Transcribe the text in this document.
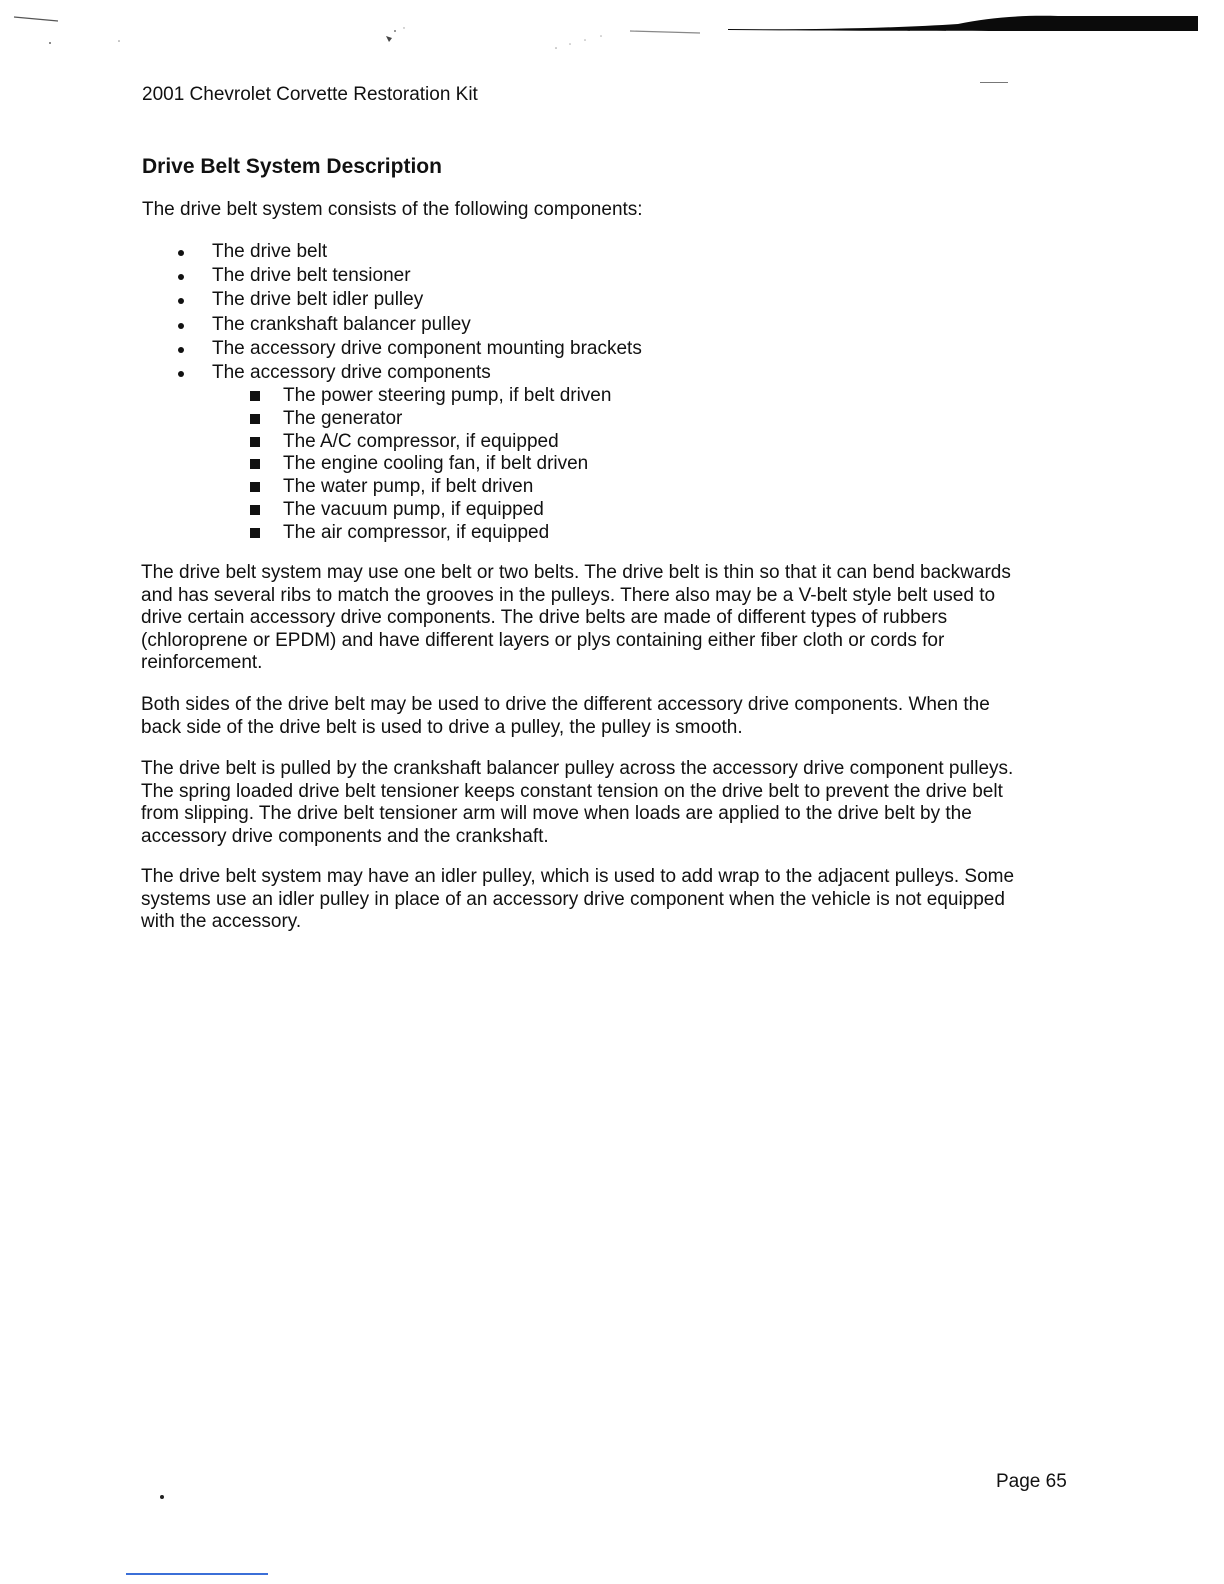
2001 Chevrolet Corvette Restoration Kit
Drive Belt System Description
The drive belt system consists of the following components:
The drive belt
The drive belt tensioner
The drive belt idler pulley
The crankshaft balancer pulley
The accessory drive component mounting brackets
The accessory drive components
The power steering pump, if belt driven
The generator
The A/C compressor, if equipped
The engine cooling fan, if belt driven
The water pump, if belt driven
The vacuum pump, if equipped
The air compressor, if equipped

The drive belt system may use one belt or two belts. The drive belt is thin so that it can bend backwards
and has several ribs to match the grooves in the pulleys. There also may be a V-belt style belt used to
drive certain accessory drive components. The drive belts are made of different types of rubbers
(chloroprene or EPDM) and have different layers or plys containing either fiber cloth or cords for
reinforcement.

Both sides of the drive belt may be used to drive the different accessory drive components. When the
back side of the drive belt is used to drive a pulley, the pulley is smooth.

The drive belt is pulled by the crankshaft balancer pulley across the accessory drive component pulleys.
The spring loaded drive belt tensioner keeps constant tension on the drive belt to prevent the drive belt
from slipping. The drive belt tensioner arm will move when loads are applied to the drive belt by the
accessory drive components and the crankshaft.

The drive belt system may have an idler pulley, which is used to add wrap to the adjacent pulleys. Some
systems use an idler pulley in place of an accessory drive component when the vehicle is not equipped
with the accessory.

Page 65
